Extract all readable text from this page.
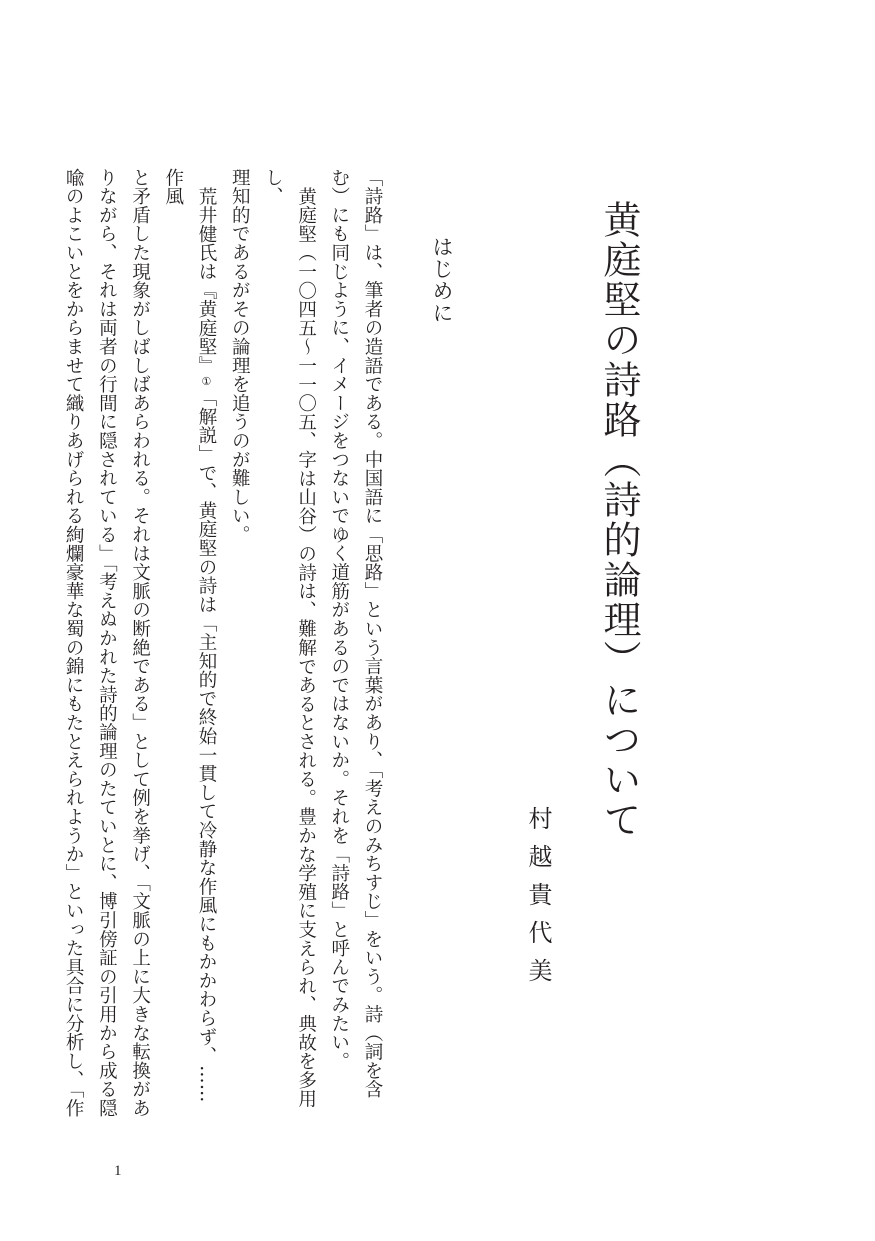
黄庭堅の詩路（詩的論理）について
村越貴代美
はじめに

「詩路」は、筆者の造語である。中国語に「思路」という言葉があり、「考えのみちすじ」をいう。詩（詞を含

む）にも同じように、イメージをつないでゆく道筋があるのではないか。それを「詩路」と呼んでみたい。

黄庭堅（一〇四五～一一〇五、字は山谷）の詩は、難解であるとされる。豊かな学殖に支えられ、典故を多用し、

理知的であるがその論理を追うのが難しい。

荒井健氏は『黄庭堅』①「解説」で、黄庭堅の詩は「主知的で終始一貫して冷静な作風にもかかわらず、……作風

と矛盾した現象がしばしばあらわれる。それは文脈の断絶である」として例を挙げ、「文脈の上に大きな転換があ

りながら、それは両者の行間に隠されている」「考えぬかれた詩的論理のたていとに、博引傍証の引用から成る隠

喩のよこいとをからませて織りあげられる絢爛豪華な蜀の錦にもたとえられようか」といった具合に分析し、「作

1
